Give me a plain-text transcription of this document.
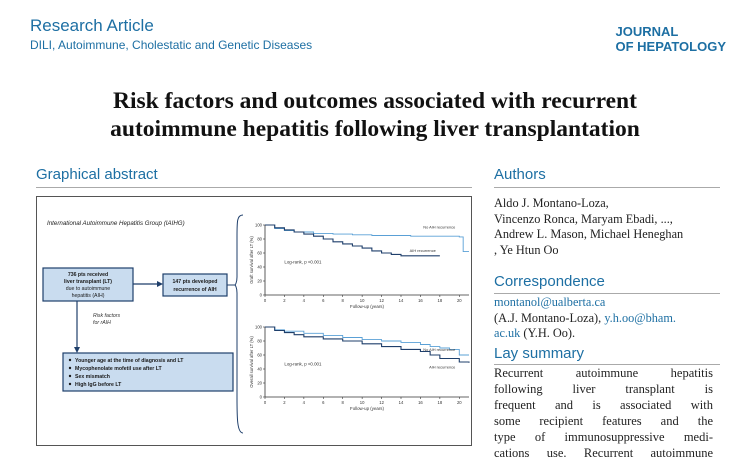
Research Article
DILI, Autoimmune, Cholestatic and Genetic Diseases
JOURNAL
OF HEPATOLOGY
Risk factors and outcomes associated with recurrent
autoimmune hepatitis following liver transplantation
Graphical abstract	Authors
Aldo J. Montano-Loza,
Vincenzo Ronca, Maryam Ebadi, ...,
Andrew L. Mason, Michael Heneghan
, Ye Htun Oo
Correspondence
montanol@ualberta.ca
(A.J. Montano-Loza), y.h.oo@bham.
ac.uk (Y.H. Oo).
Lay summary
Recurrent autoimmune hepatitis
following liver transplant is
frequent and is associated with
some recipient features and the
type of immunosuppressive medi-
cations use. Recurrent autoimmune
International Autoimmune Hepatitis Group (IAIHG)
736 pts received
liver transplant (LT)
due to autoimmune
hepatitis (AIH)
147 pts developed
recurrence of AIH
Risk factors
for rAIH
Younger age at the time of diagnosis and LT
Mycophenolate mofetil use after LT
Sex mismatch
High IgG before LT
0
20
40
60
80
100
0	2	4	6	8	10	12	14	16	18	20
Follow-up (years)
Graft survival after LT (%)	Log-rank, p <0.001
No AIH recurrence
AIH recurrence
0
20
40
60
80
100
0	2	4	6	8	10	12	14	16	18	20
Follow-up (years)
Overall survival after LT (%)	Log-rank, p <0.001
No AIH recurrence
AIH recurrence
